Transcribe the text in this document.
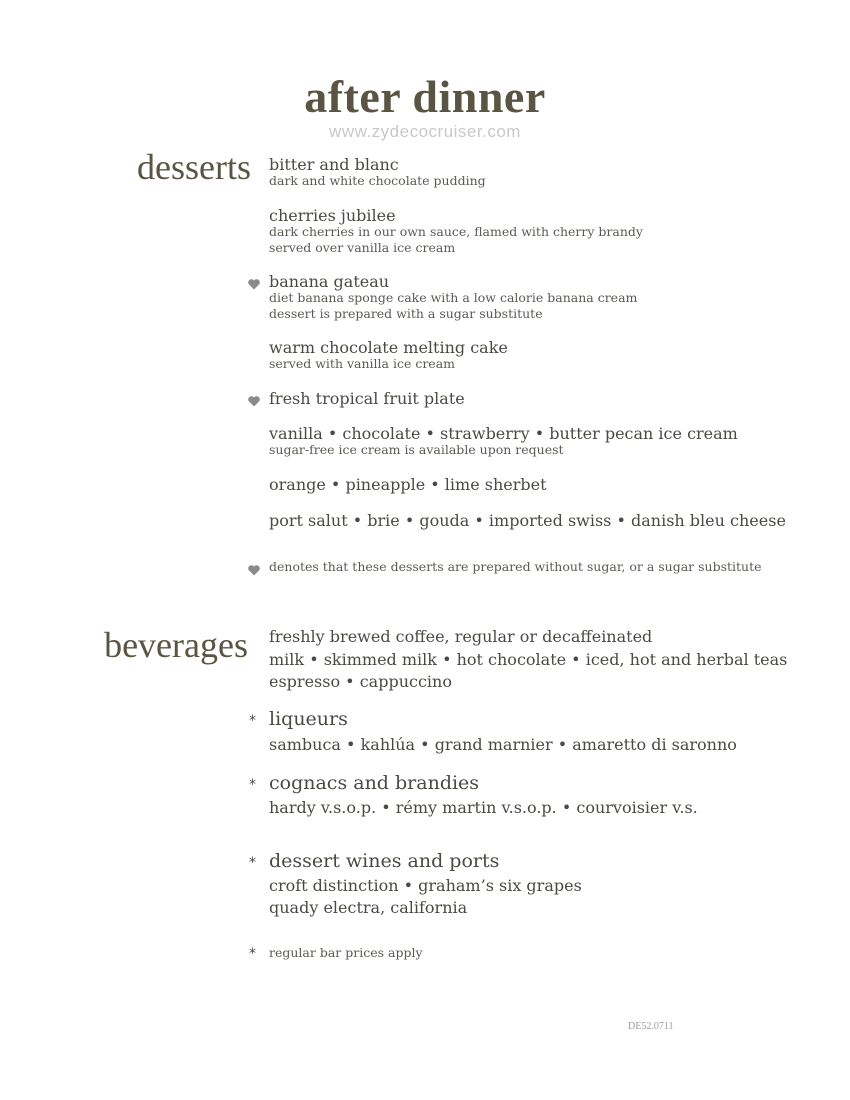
after dinner
www.zydecocruiser.com
desserts bitter and blanc
dark and white chocolate pudding
cherries jubilee
dark cherries in our own sauce, flamed with cherry brandy
served over vanilla ice cream
banana gateau
diet banana sponge cake with a low calorie banana cream
dessert is prepared with a sugar substitute
warm chocolate melting cake
served with vanilla ice cream
fresh tropical fruit plate
vanilla • chocolate • strawberry • butter pecan ice cream
sugar-free ice cream is available upon request
orange • pineapple • lime sherbet
port salut • brie • gouda • imported swiss • danish bleu cheese
denotes that these desserts are prepared without sugar, or a sugar substitute
beverages freshly brewed coffee, regular or decaffeinated
milk • skimmed milk • hot chocolate • iced, hot and herbal teas
espresso • cappuccino
* liqueurs
sambuca • kahlúa • grand marnier • amaretto di saronno
* cognacs and brandies
hardy v.s.o.p. • rémy martin v.s.o.p. • courvoisier v.s.
* dessert wines and ports
croft distinction • graham’s six grapes
quady electra, california
* regular bar prices apply
DE52.0711
